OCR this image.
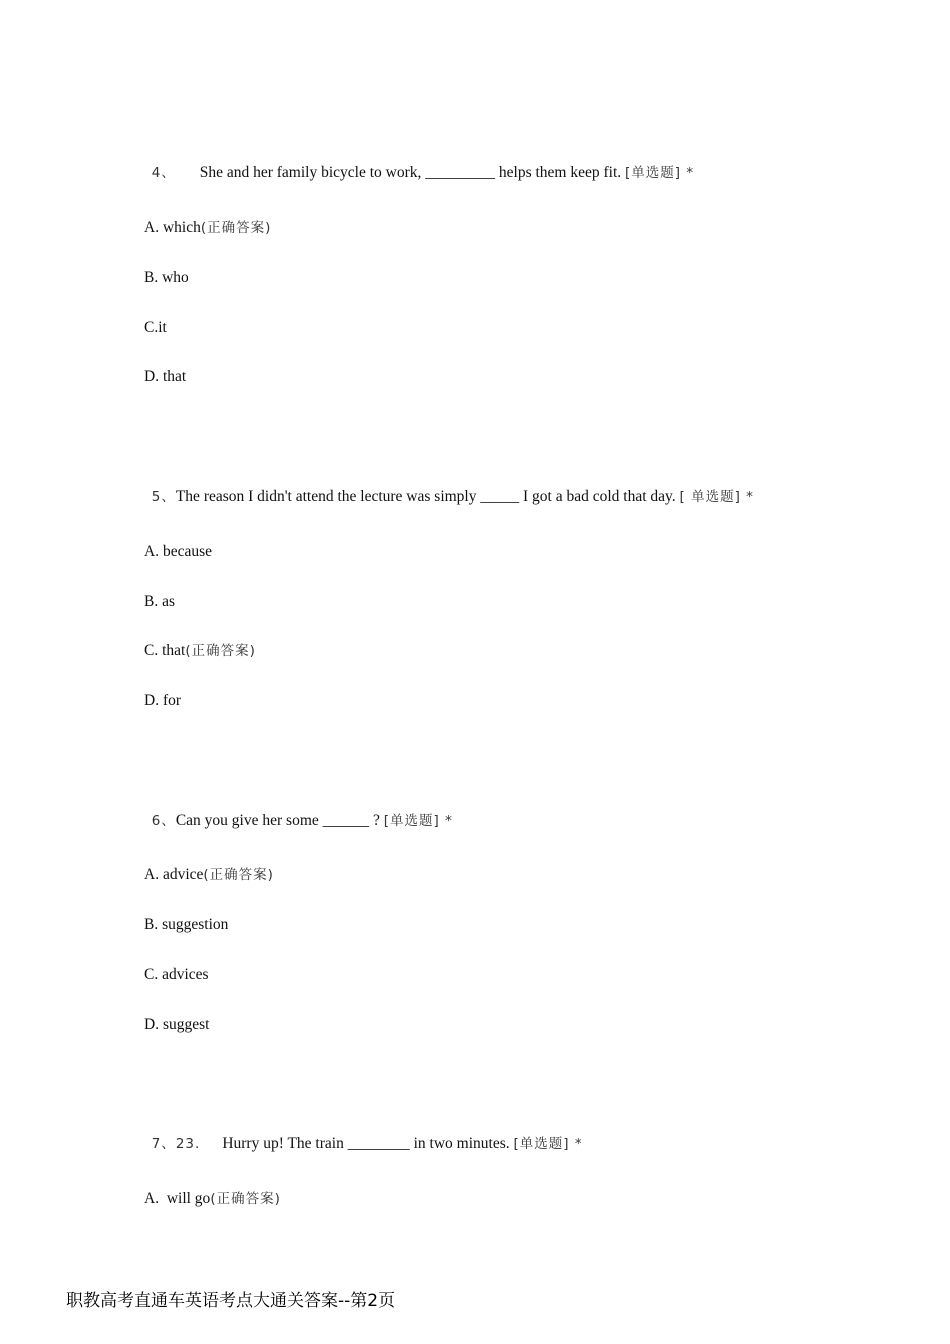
4、 She and her family bicycle to work, _________ helps them keep fit. [单选题] *

A. which(正确答案)
B. who
C.it
D. that

5、The reason I didn't attend the lecture was simply _____ I got a bad cold that day. [ 单选题] *

A. because
B. as
C. that(正确答案)
D. for

6、Can you give her some ______ ? [单选题] *

A. advice(正确答案)
B. suggestion
C. advices
D. suggest

7、23. Hurry up! The train ________ in two minutes. [单选题] *

A.  will go(正确答案)
职教高考直通车英语考点大通关答案--第2页
